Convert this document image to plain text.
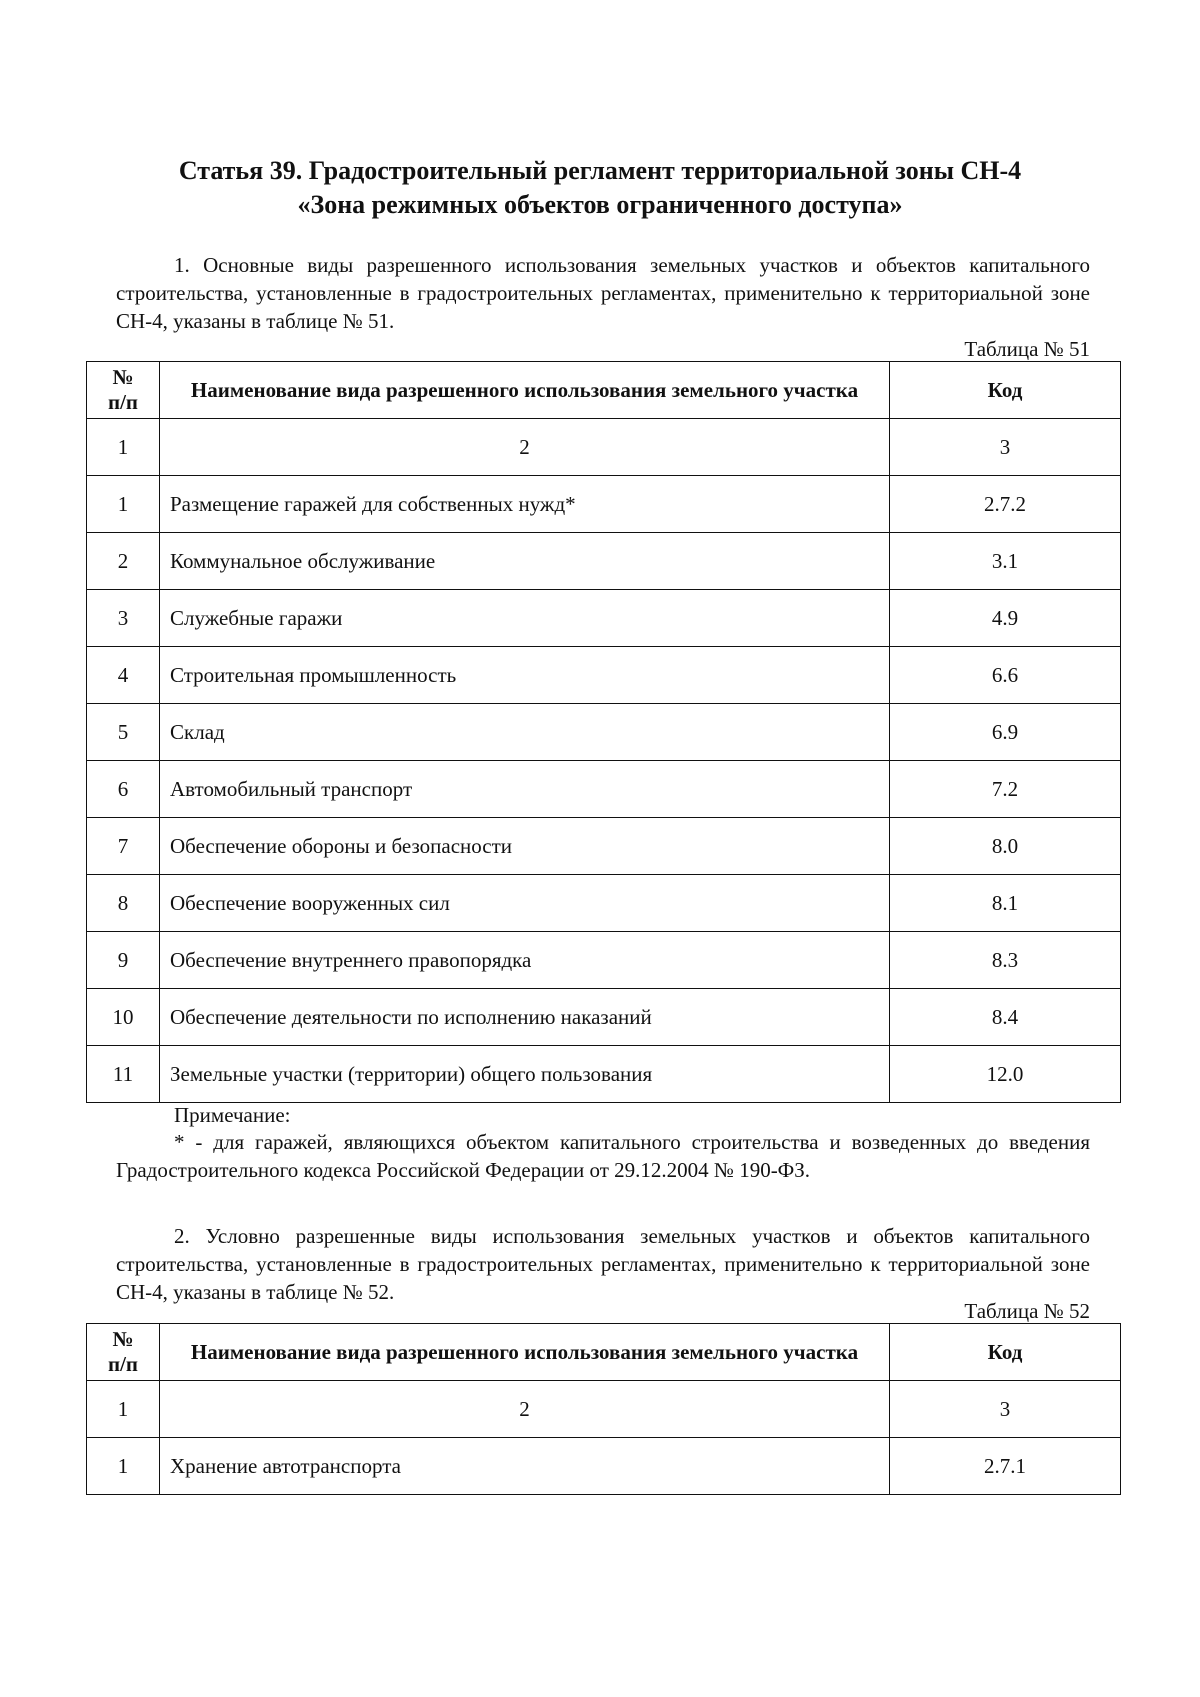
Статья 39. Градостроительный регламент территориальной зоны СН-4
«Зона режимных объектов ограниченного доступа»
1. Основные виды разрешенного использования земельных участков и объектов капитального строительства, установленные в градостроительных регламентах, применительно к территориальной зоне СН-4, указаны в таблице № 51.
Таблица № 51
№
п/п	Наименование вида разрешенного использования земельного участка	Код
1	2	3
1	Размещение гаражей для собственных нужд*	2.7.2
2	Коммунальное обслуживание	3.1
3	Служебные гаражи	4.9
4	Строительная промышленность	6.6
5	Склад	6.9
6	Автомобильный транспорт	7.2
7	Обеспечение обороны и безопасности	8.0
8	Обеспечение вооруженных сил	8.1
9	Обеспечение внутреннего правопорядка	8.3
10	Обеспечение деятельности по исполнению наказаний	8.4
11	Земельные участки (территории) общего пользования	12.0
Примечание:
* - для гаражей, являющихся объектом капитального строительства и возведенных до введения Градостроительного кодекса Российской Федерации от 29.12.2004 № 190-ФЗ.
2. Условно разрешенные виды использования земельных участков и объектов капитального строительства, установленные в градостроительных регламентах, применительно к территориальной зоне СН-4, указаны в таблице № 52.
Таблица № 52
№
п/п	Наименование вида разрешенного использования земельного участка	Код
1	2	3
1	Хранение автотранспорта	2.7.1
